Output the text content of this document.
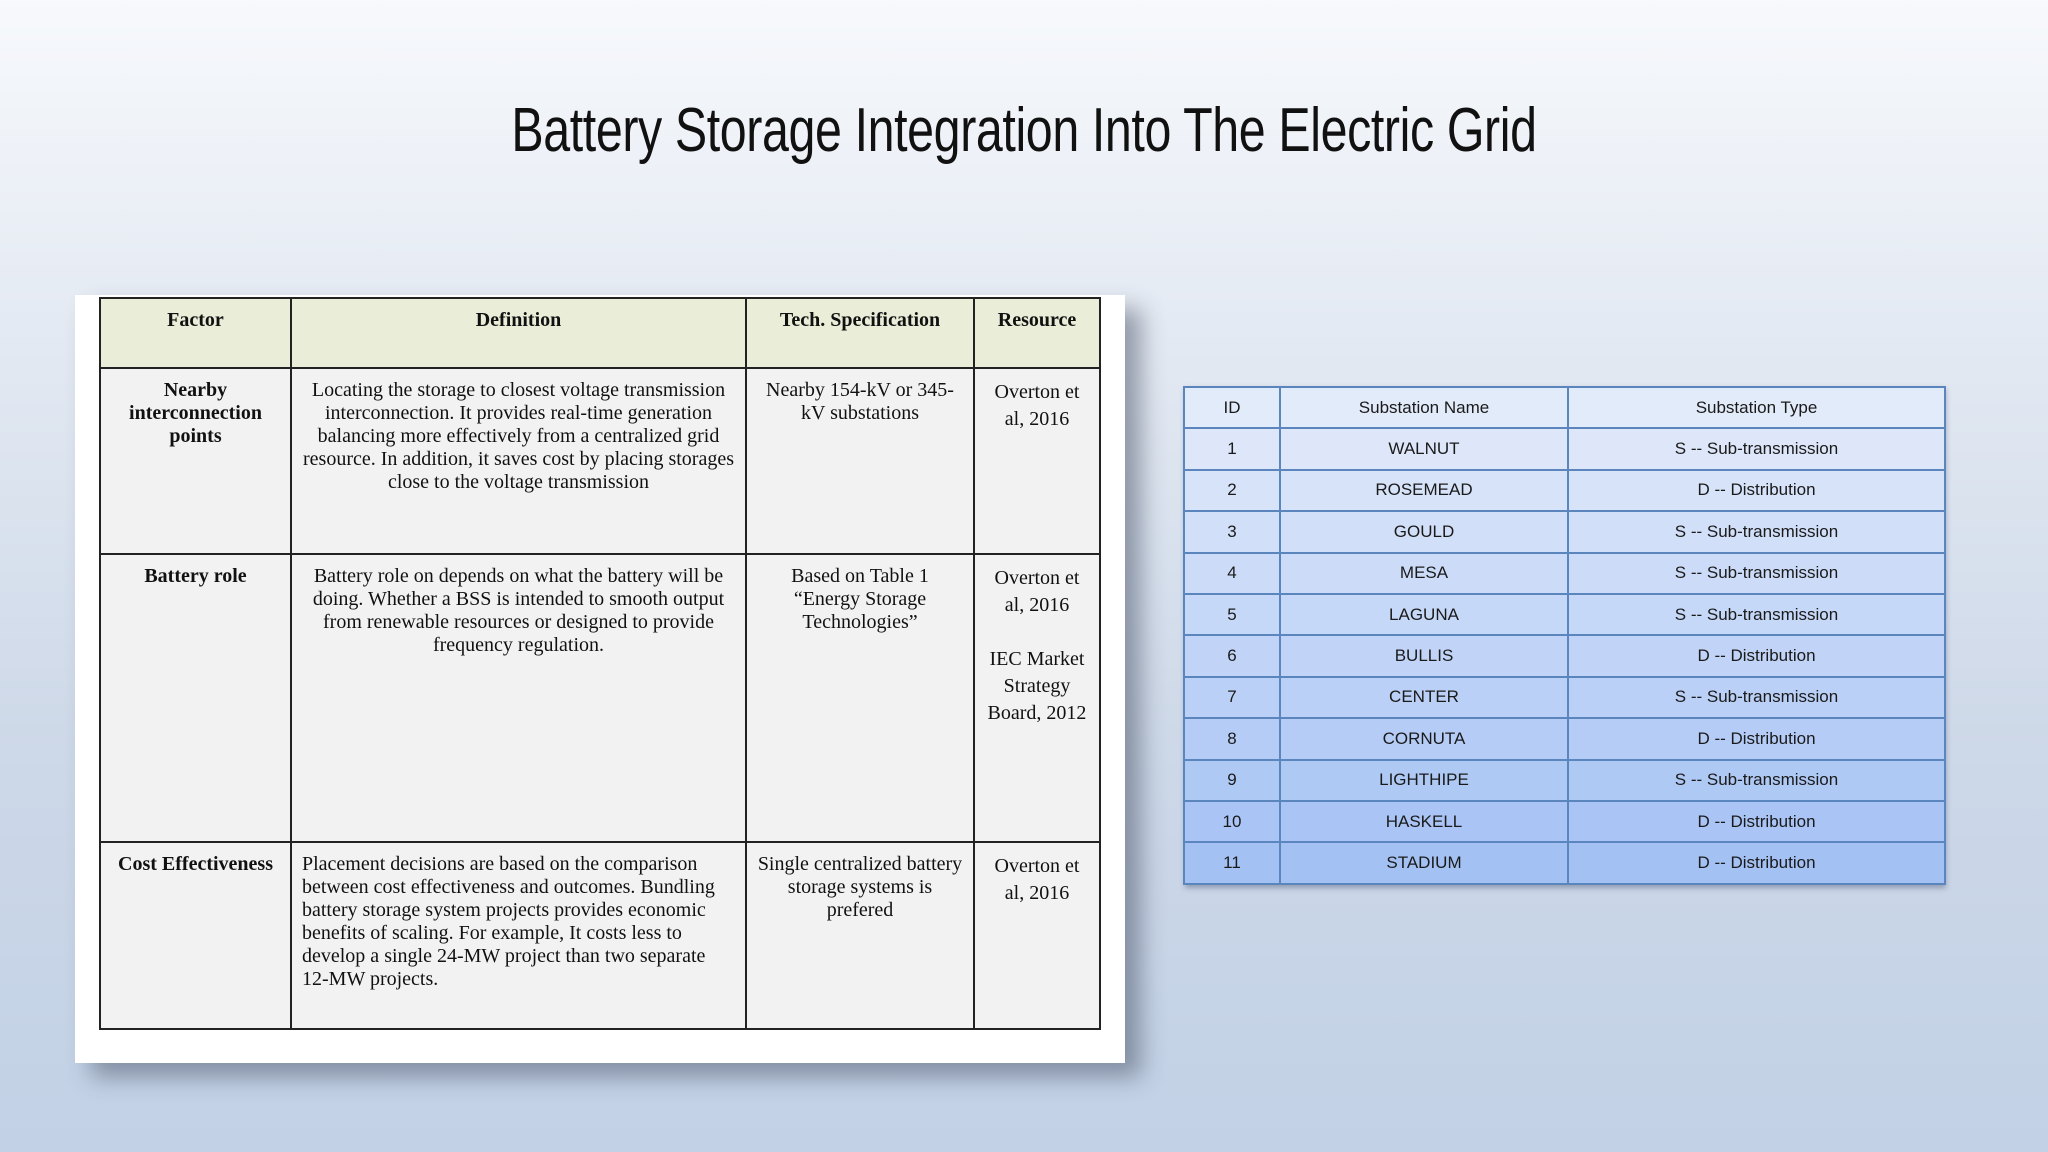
Battery Storage Integration Into The Electric Grid
Factor	Definition	Tech. Specification	Resource
Nearby interconnection points	Locating the storage to closest voltage transmission interconnection. It provides real-time generation balancing more effectively from a centralized grid resource. In addition, it saves cost by placing storages close to the voltage transmission	Nearby 154-kV or 345-kV substations	Overton et al, 2016

Battery role	Battery role on depends on what the battery will be doing. Whether a BSS is intended to smooth output from renewable resources or designed to provide frequency regulation.	Based on Table 1 “Energy Storage Technologies”	Overton et al, 2016
IEC Market Strategy Board, 2012

Cost Effectiveness	Placement decisions are based on the comparison between cost effectiveness and outcomes. Bundling battery storage system projects provides economic benefits of scaling. For example, It costs less to develop a single 24-MW project than two separate 12-MW projects.	Single centralized battery storage systems is prefered	Overton et al, 2016
ID	Substation Name	Substation Type
1	WALNUT	S -- Sub-transmission
2	ROSEMEAD	D -- Distribution
3	GOULD	S -- Sub-transmission
4	MESA	S -- Sub-transmission
5	LAGUNA	S -- Sub-transmission
6	BULLIS	D -- Distribution
7	CENTER	S -- Sub-transmission
8	CORNUTA	D -- Distribution
9	LIGHTHIPE	S -- Sub-transmission
10	HASKELL	D -- Distribution
11	STADIUM	D -- Distribution
